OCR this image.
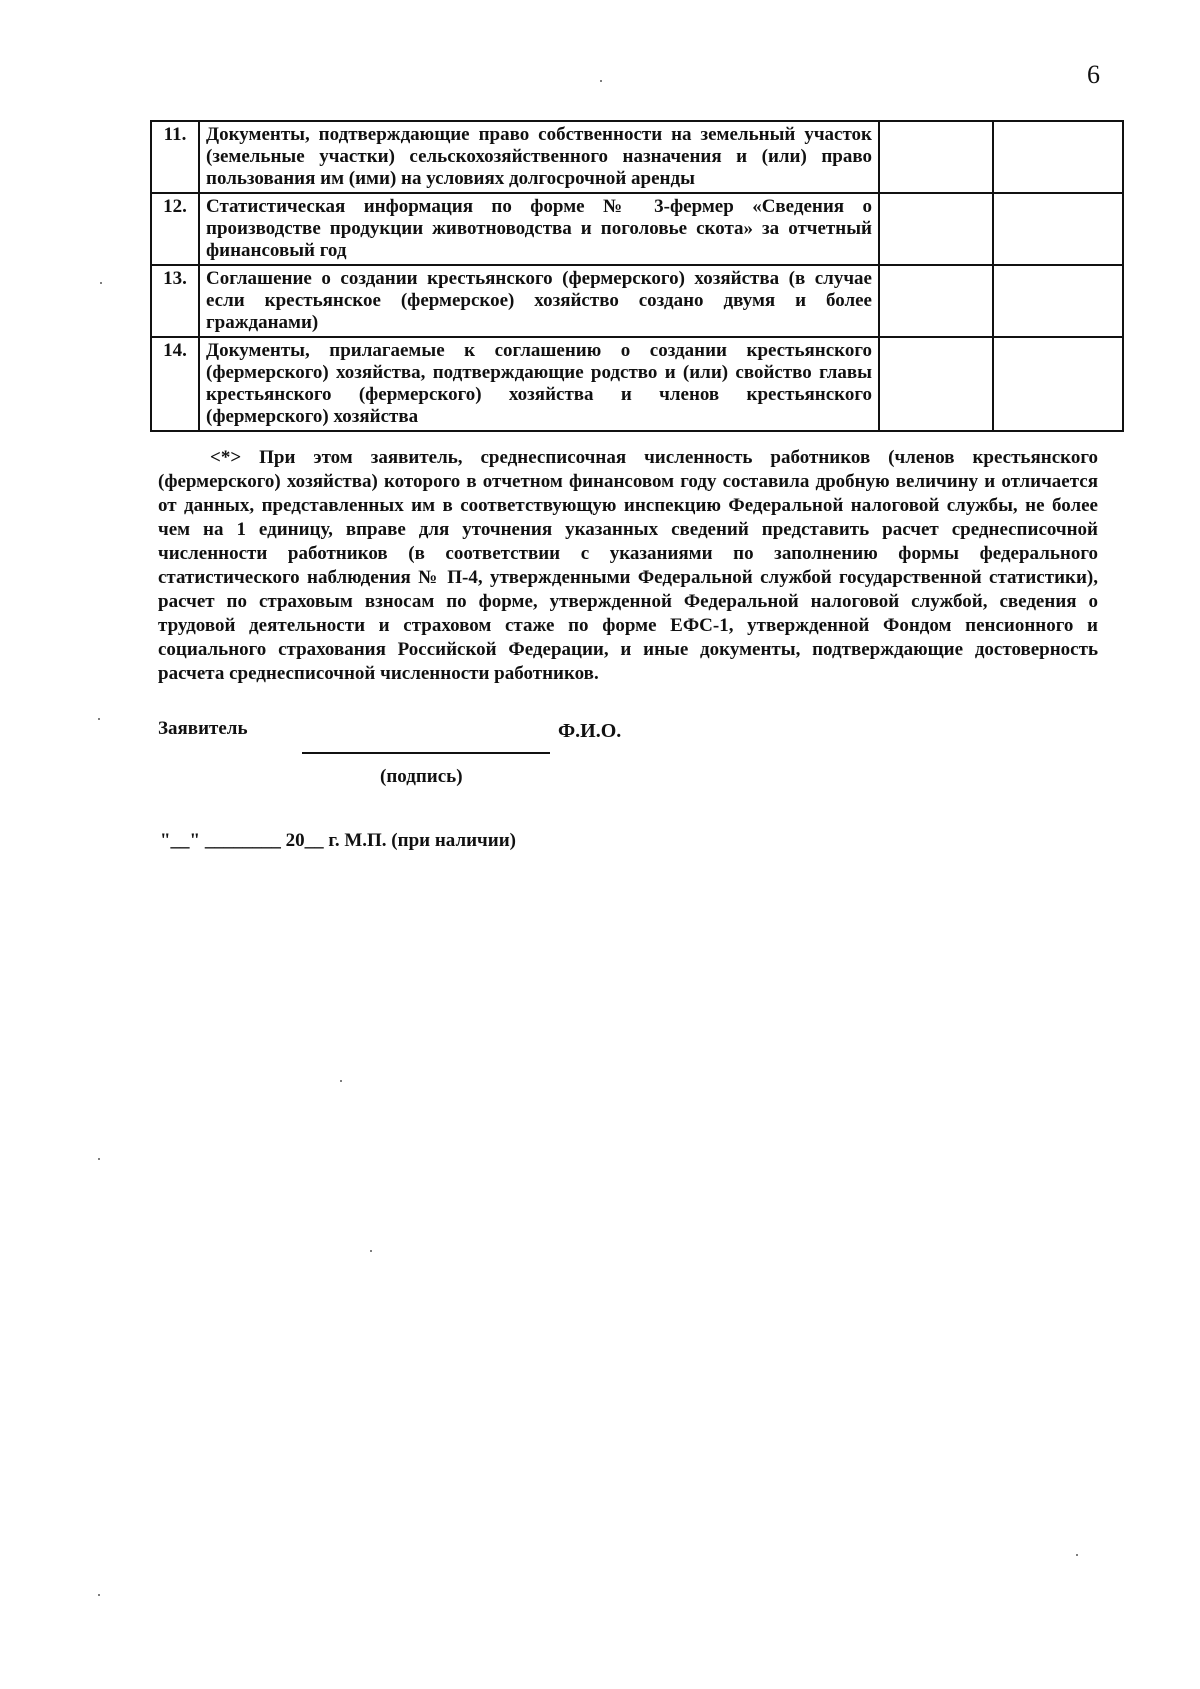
6
11.	Документы, подтверждающие право собственности на земельный участок (земельные участки) сельскохозяйственного назначения и (или) право пользования им (ими) на условиях долгосрочной аренды		
12.	Статистическая информация по форме № 3-фермер «Сведения о производстве продукции животноводства и поголовье скота» за отчетный финансовый год		
13.	Соглашение о создании крестьянского (фермерского) хозяйства (в случае если крестьянское (фермерское) хозяйство создано двумя и более гражданами)		
14.	Документы, прилагаемые к соглашению о создании крестьянского (фермерского) хозяйства, подтверждающие родство и (или) свойство главы крестьянского (фермерского) хозяйства и членов крестьянского (фермерского) хозяйства		

<*> При этом заявитель, среднесписочная численность работников (членов крестьянского (фермерского) хозяйства) которого в отчетном финансовом году составила дробную величину и отличается от данных, представленных им в соответствующую инспекцию Федеральной налоговой службы, не более чем на 1 единицу, вправе для уточнения указанных сведений представить расчет среднесписочной численности работников (в соответствии с указаниями по заполнению формы федерального статистического наблюдения № П-4, утвержденными Федеральной службой государственной статистики), расчет по страховым взносам по форме, утвержденной Федеральной налоговой службой, сведения о трудовой деятельности и страховом стаже по форме ЕФС-1, утвержденной Фондом пенсионного и социального страхования Российской Федерации, и иные документы, подтверждающие достоверность расчета среднесписочной численности работников.

Заявитель	Ф.И.О.
(подпись)
"__" ________ 20__ г. М.П. (при наличии)
